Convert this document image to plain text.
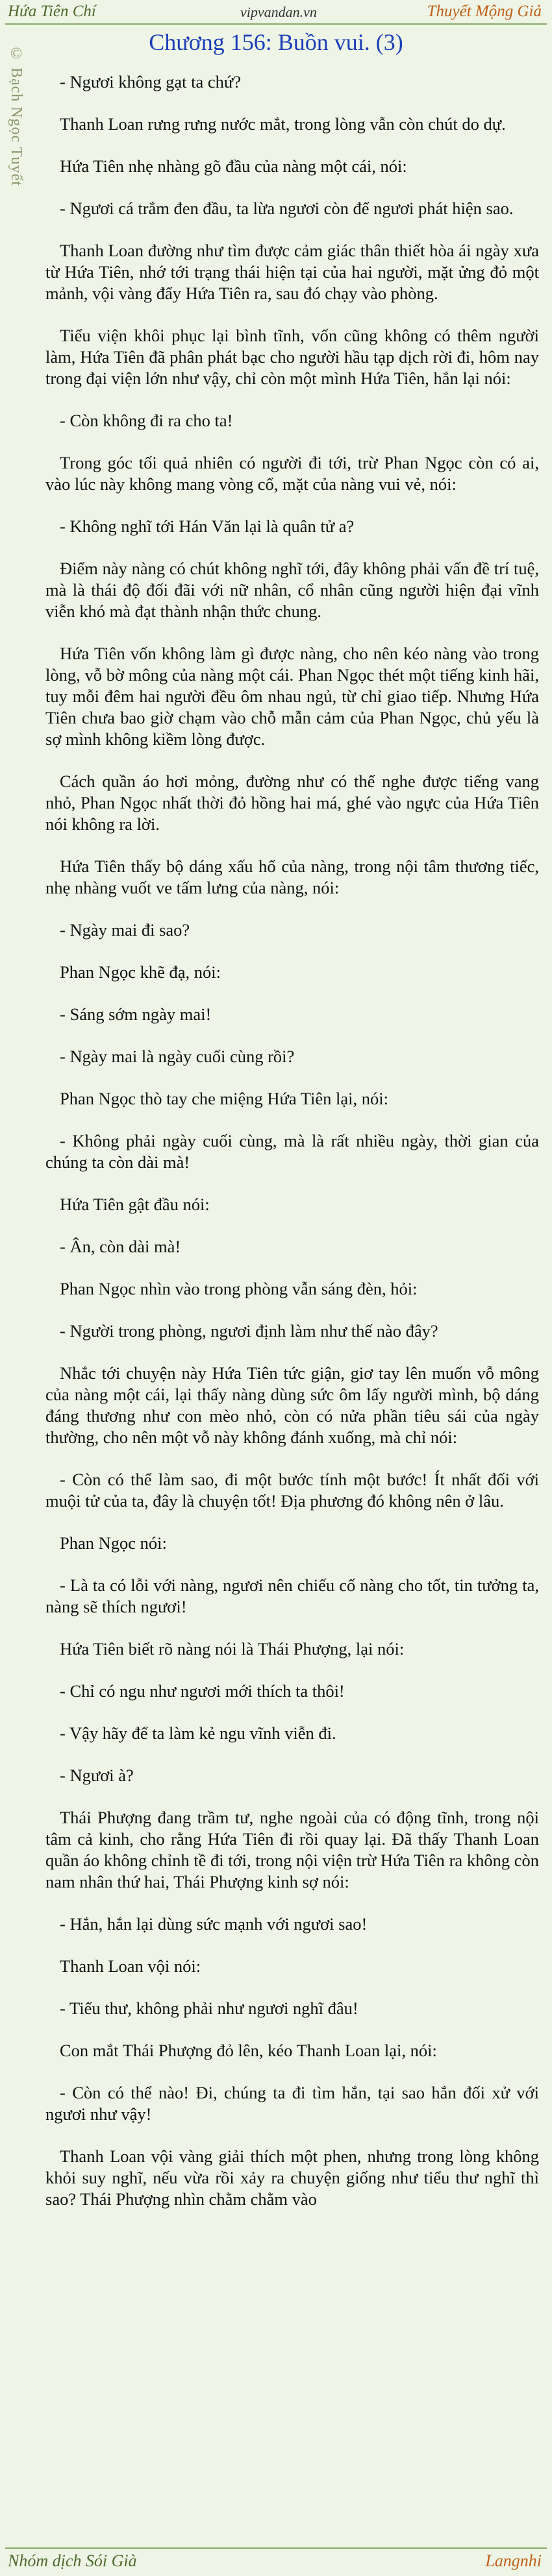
Hứa Tiên Chí	vipvandan.vn	Thuyết Mộng Giả
Chương 156: Buồn vui. (3)
© Bạch Ngọc Tuyết	- Ngươi không gạt ta chứ?

Thanh Loan rưng rưng nước mắt, trong lòng vẫn còn chút do dự.

Hứa Tiên nhẹ nhàng gõ đầu của nàng một cái, nói:

- Ngươi cá trắm đen đầu, ta lừa ngươi còn để ngươi phát hiện sao.

Thanh Loan đường như tìm được cảm giác thân thiết hòa ái ngày xưa từ Hứa Tiên, nhớ tới trạng thái hiện tại của hai người, mặt ửng đỏ một mảnh, vội vàng đẩy Hứa Tiên ra, sau đó chạy vào phòng.

Tiểu viện khôi phục lại bình tĩnh, vốn cũng không có thêm người làm, Hứa Tiên đã phân phát bạc cho người hầu tạp dịch rời đi, hôm nay trong đại viện lớn như vậy, chỉ còn một mình Hứa Tiên, hắn lại nói:

- Còn không đi ra cho ta!

Trong góc tối quả nhiên có người đi tới, trừ Phan Ngọc còn có ai, vào lúc này không mang vòng cổ, mặt của nàng vui vẻ, nói:

- Không nghĩ tới Hán Văn lại là quân tử a?

Điểm này nàng có chút không nghĩ tới, đây không phải vấn đề trí tuệ, mà là thái độ đối đãi với nữ nhân, cổ nhân cũng người hiện đại vĩnh viễn khó mà đạt thành nhận thức chung.

Hứa Tiên vốn không làm gì được nàng, cho nên kéo nàng vào trong lòng, vỗ bờ mông của nàng một cái. Phan Ngọc thét một tiếng kinh hãi, tuy mỗi đêm hai người đều ôm nhau ngủ, từ chỉ giao tiếp. Nhưng Hứa Tiên chưa bao giờ chạm vào chỗ mẫn cảm của Phan Ngọc, chủ yếu là sợ mình không kiềm lòng được.

Cách quần áo hơi mỏng, đường như có thể nghe được tiếng vang nhỏ, Phan Ngọc nhất thời đỏ hồng hai má, ghé vào ngực của Hứa Tiên nói không ra lời.

Hứa Tiên thấy bộ dáng xấu hổ của nàng, trong nội tâm thương tiếc, nhẹ nhàng vuốt ve tấm lưng của nàng, nói:

- Ngày mai đi sao?

Phan Ngọc khẽ đạ, nói:

- Sáng sớm ngày mai!

- Ngày mai là ngày cuối cùng rồi?

Phan Ngọc thò tay che miệng Hứa Tiên lại, nói:

- Không phải ngày cuối cùng, mà là rất nhiều ngày, thời gian của chúng ta còn dài mà!

Hứa Tiên gật đầu nói:

- Ân, còn dài mà!

Phan Ngọc nhìn vào trong phòng vẫn sáng đèn, hỏi:

- Người trong phòng, ngươi định làm như thế nào đây?

Nhắc tới chuyện này Hứa Tiên tức giận, giơ tay lên muốn vỗ mông của nàng một cái, lại thấy nàng dùng sức ôm lấy người mình, bộ dáng đáng thương như con mèo nhỏ, còn có nửa phần tiêu sái của ngày thường, cho nên một vỗ này không đánh xuống, mà chỉ nói:

- Còn có thể làm sao, đi một bước tính một bước! Ít nhất đối với muội tử của ta, đây là chuyện tốt! Địa phương đó không nên ở lâu.

Phan Ngọc nói:

- Là ta có lỗi với nàng, ngươi nên chiếu cố nàng cho tốt, tin tưởng ta, nàng sẽ thích ngươi!

Hứa Tiên biết rõ nàng nói là Thái Phượng, lại nói:

- Chỉ có ngu như ngươi mới thích ta thôi!

- Vậy hãy để ta làm kẻ ngu vĩnh viễn đi.

- Ngươi à?

Thái Phượng đang trầm tư, nghe ngoài của có động tĩnh, trong nội tâm cả kinh, cho rằng Hứa Tiên đi rồi quay lại. Đã thấy Thanh Loan quần áo không chỉnh tề đi tới, trong nội viện trừ Hứa Tiên ra không còn nam nhân thứ hai, Thái Phượng kinh sợ nói:

- Hắn, hắn lại dùng sức mạnh với ngươi sao!

Thanh Loan vội nói:

- Tiểu thư, không phải như ngươi nghĩ đâu!

Con mắt Thái Phượng đỏ lên, kéo Thanh Loan lại, nói:

- Còn có thể nào! Đi, chúng ta đi tìm hắn, tại sao hắn đối xử với ngươi như vậy!

Thanh Loan vội vàng giải thích một phen, nhưng trong lòng không khỏi suy nghĩ, nếu vừa rồi xảy ra chuyện giống như tiểu thư nghĩ thì sao? Thái Phượng nhìn chằm chằm vào

Nhóm dịch Sói Già	Langnhi
